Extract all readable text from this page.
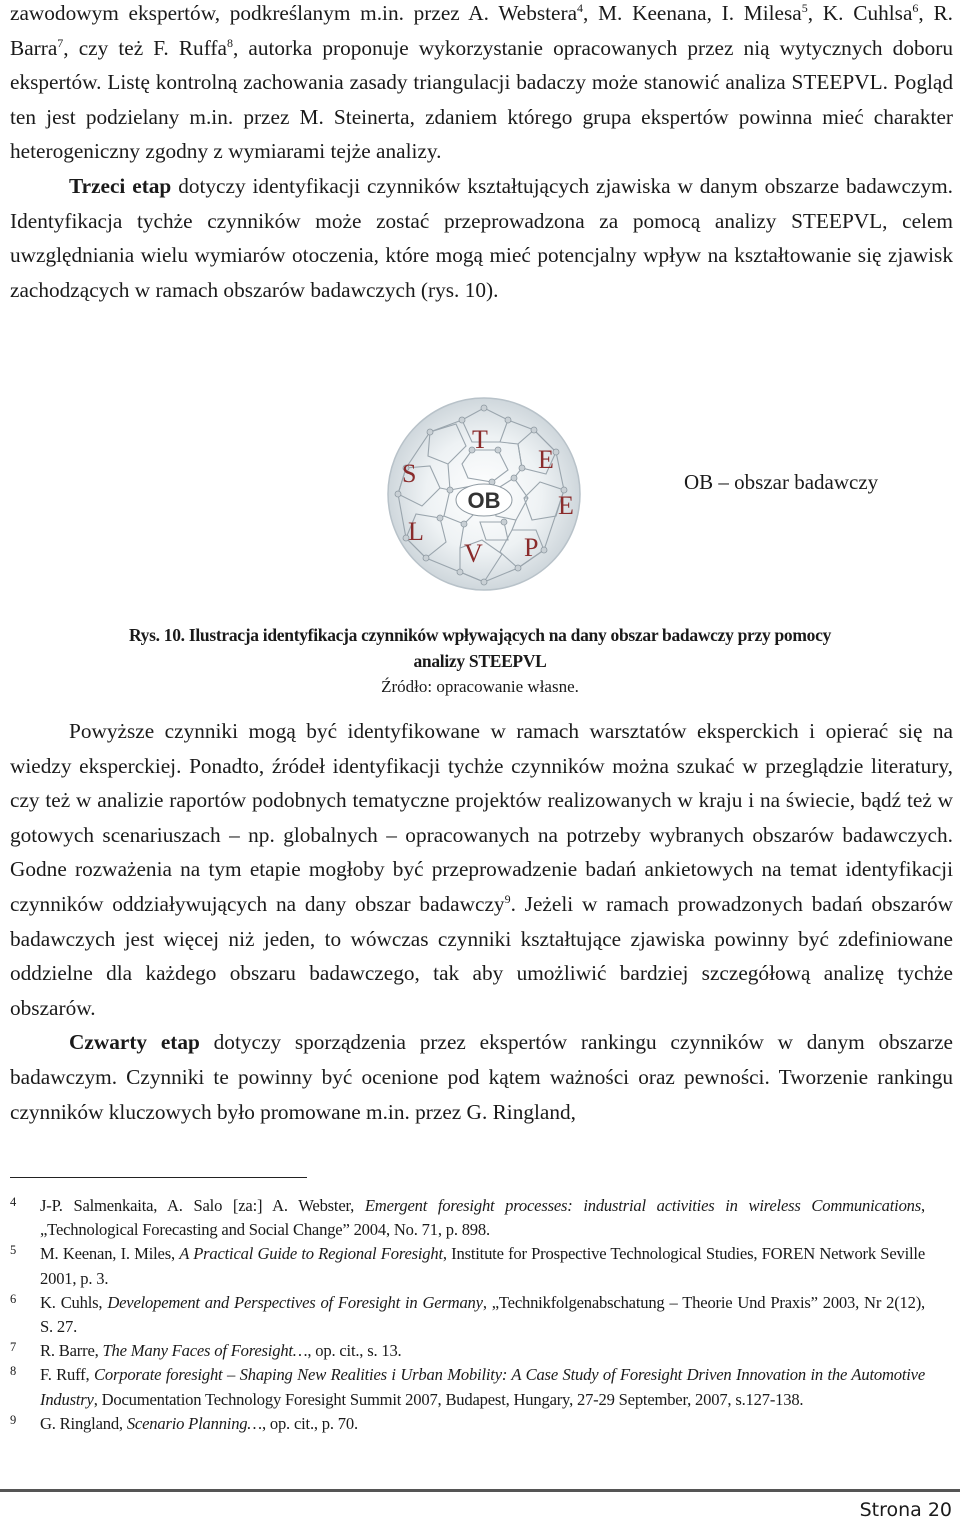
zawodowym ekspertów, podkreślanym m.in. przez A. Webstera$^4$, M. Keenana, I. Milesa$^5$, K. Cuhlsa$^6$, R. Barra$^7$, czy też F. Ruffa$^8$, autorka proponuje wykorzystanie opracowanych przez nią wytycznych doboru ekspertów. Listę kontrolną zachowania zasady triangulacji badaczy może stanowić analiza STEEPVL. Pogląd ten jest podzielany m.in. przez M. Steinerta, zdaniem którego grupa ekspertów powinna mieć charakter heterogeniczny zgodny z wymiarami tejże analizy.

Trzeci etap dotyczy identyfikacji czynników kształtujących zjawiska w danym obszarze badawczym. Identyfikacja tychże czynników może zostać przeprowadzona za pomocą analizy STEEPVL, celem uwzględniania wielu wymiarów otoczenia, które mogą mieć potencjalny wpływ na kształtowanie się zjawisk zachodzących w ramach obszarów badawczych (rys. 10).

OB
T
E
E
P
V
L
S	OB – obszar badawczy
Rys. 10. Ilustracja identyfikacja czynników wpływających na dany obszar badawczy przy pomocy
analizy STEEPVL
Źródło: opracowanie własne.

Powyższe czynniki mogą być identyfikowane w ramach warsztatów eksperckich i opierać się na wiedzy eksperckiej. Ponadto, źródeł identyfikacji tychże czynników można szukać w przeglądzie literatury, czy też w analizie raportów podobnych tematyczne projektów realizowanych w kraju i na świecie, bądź też w gotowych scenariuszach – np. globalnych – opracowanych na potrzeby wybranych obszarów badawczych. Godne rozważenia na tym etapie mogłoby być przeprowadzenie badań ankietowych na temat identyfikacji czynników oddziaływujących na dany obszar badawczy$^9$. Jeżeli w ramach prowadzonych badań obszarów badawczych jest więcej niż jeden, to wówczas czynniki kształtujące zjawiska powinny być zdefiniowane oddzielne dla każdego obszaru badawczego, tak aby umożliwić bardziej szczegółową analizę tychże obszarów.

Czwarty etap dotyczy sporządzenia przez ekspertów rankingu czynników w danym obszarze badawczym. Czynniki te powinny być ocenione pod kątem ważności oraz pewności. Tworzenie rankingu czynników kluczowych było promowane m.in. przez G. Ringland,

4 J-P. Salmenkaita, A. Salo [za:] A. Webster, Emergent foresight processes: industrial activities in wireless Communications, „Technological Forecasting and Social Change” 2004, No. 71, p. 898.
5 M. Keenan, I. Miles, A Practical Guide to Regional Foresight, Institute for Prospective Technological Studies, FOREN Network Seville 2001, p. 3.
6 K. Cuhls, Developement and Perspectives of Foresight in Germany, „Technikfolgenabschatung – Theorie Und Praxis” 2003, Nr 2(12), S. 27.
7 R. Barre, The Many Faces of Foresight…, op. cit., s. 13.
8 F. Ruff, Corporate foresight – Shaping New Realities i Urban Mobility: A Case Study of Foresight Driven Innovation in the Automotive Industry, Documentation Technology Foresight Summit 2007, Budapest, Hungary, 27-29 September, 2007, s.127-138.
9 G. Ringland, Scenario Planning…, op. cit., p. 70.
Strona 20
